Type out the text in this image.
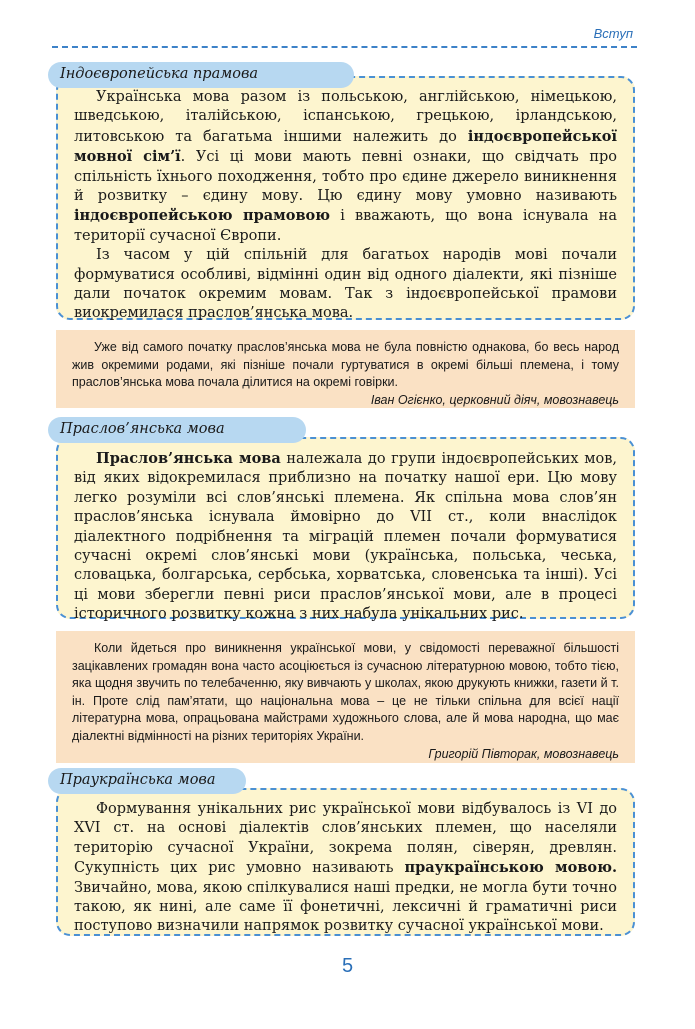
Вступ

Українська мова разом із польською, англійською, німецькою, шведською, італійською, іспанською, грецькою, ірландською, литовською та багатьма іншими належить до індоєвропейської мовної сім’ї. Усі ці мови мають певні ознаки, що свідчать про спільність їхнього походження, тобто про єдине джерело виникнення й розвитку – єдину мову. Цю єдину мову умовно називають індоєвропейською прамовою і вважають, що вона існувала на території сучасної Європи.

Із часом у цій спільній для багатьох народів мові почали формуватися особливі, відмінні один від одного діалекти, які пізніше дали початок окремим мовам. Так з індоєвропейської прамови виокремилася праслов’янська мова.

Індоєвропейська прамова

Уже від самого початку праслов’янська мова не була повністю однакова, бо весь народ жив окремими родами, які пізніше почали гуртуватися в окремі більші племена, і тому праслов’янська мова почала ділитися на окремі говірки.

Іван Огієнко, церковний діяч, мовознавець

Праслов’янська мова належала до групи індоєвропейських мов, від яких відокремилася приблизно на початку нашої ери. Цю мову легко розуміли всі слов’янські племена. Як спільна мова слов’ян праслов’янська існувала ймовірно до VII ст., коли внаслідок діалектного подрібнення та міграцій племен почали формуватися сучасні окремі слов’янські мови (українська, польська, чеська, словацька, болгарська, сербська, хорватська, словенська та інші). Усі ці мови зберегли певні риси праслов’янської мови, але в процесі історичного розвитку кожна з них набула унікальних рис.

Праслов’янська мова

Коли йдеться про виникнення української мови, у свідомості переважної більшості зацікавлених громадян вона часто асоціюється із сучасною літературною мовою, тобто тією, яка щодня звучить по телебаченню, яку вивчають у школах, якою друкують книжки, газети й т. ін. Проте слід пам’ятати, що національна мова – це не тільки спільна для всієї нації літературна мова, опрацьована майстрами художнього слова, але й мова народна, що має діалектні відмінності на різних територіях України.

Григорій Півторак, мовознавець

Формування унікальних рис української мови відбувалось із VI до XVI ст. на основі діалектів слов’янських племен, що населяли територію сучасної України, зокрема полян, сіверян, древлян. Сукупність цих рис умовно називають праукраїнською мовою. Звичайно, мова, якою спілкувалися наші предки, не могла бути точно такою, як нині, але саме її фонетичні, лексичні й граматичні риси поступово визначили напрямок розвитку сучасної української мови.

Праукраїнська мова
5
